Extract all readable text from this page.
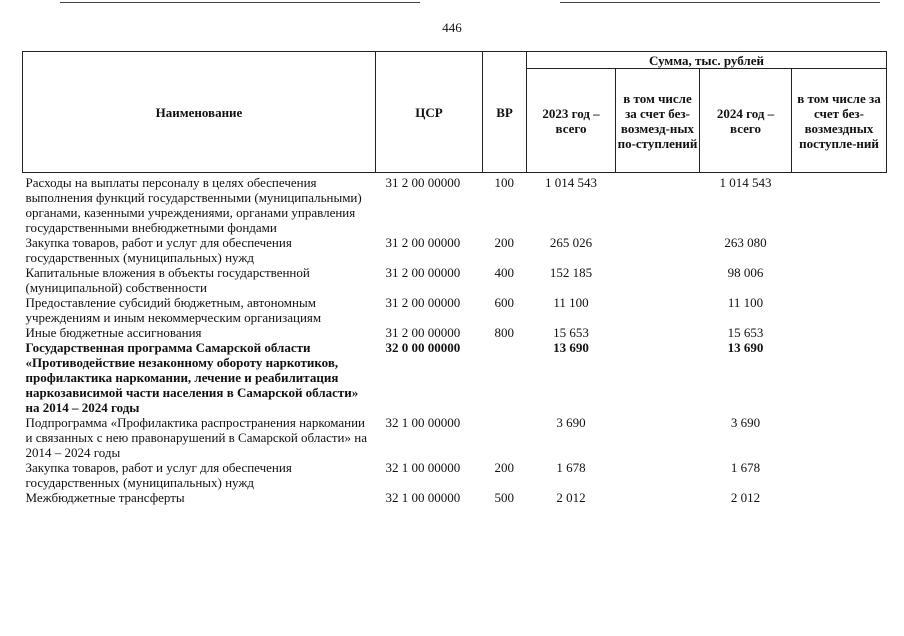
446
Наименование	ЦСР	ВР	Сумма, тыс. рублей			
			2023 год – всего	в том числе за счет без-возмезд-ных по-ступлений	2024 год – всего	в том числе за счет без-возмездных поступле-ний
Расходы на выплаты персоналу в целях обеспечения выполнения функций государственными (муниципальными) органами, казенными учреждениями, органами управления государственными внебюджетными фондами	31 2 00 00000	100	1 014 543		1 014 543	
Закупка товаров, работ и услуг для обеспечения государственных (муниципальных) нужд	31 2 00 00000	200	265 026		263 080	
Капитальные вложения в объекты государственной (муниципальной) собственности	31 2 00 00000	400	152 185		98 006	
Предоставление субсидий бюджетным, автономным учреждениям и иным некоммерческим организациям	31 2 00 00000	600	11 100		11 100	
Иные бюджетные ассигнования	31 2 00 00000	800	15 653		15 653	
Государственная программа Самарской области «Противодействие незаконному обороту наркотиков, профилактика наркомании, лечение и реабилитация наркозависимой части населения в Самарской области» на 2014 – 2024 годы	32 0 00 00000		13 690		13 690	
Подпрограмма «Профилактика распространения наркомании и связанных с нею правонарушений в Самарской области» на 2014 – 2024 годы	32 1 00 00000		3 690		3 690	
Закупка товаров, работ и услуг для обеспечения государственных (муниципальных) нужд	32 1 00 00000	200	1 678		1 678	
Межбюджетные трансферты	32 1 00 00000	500	2 012		2 012	
